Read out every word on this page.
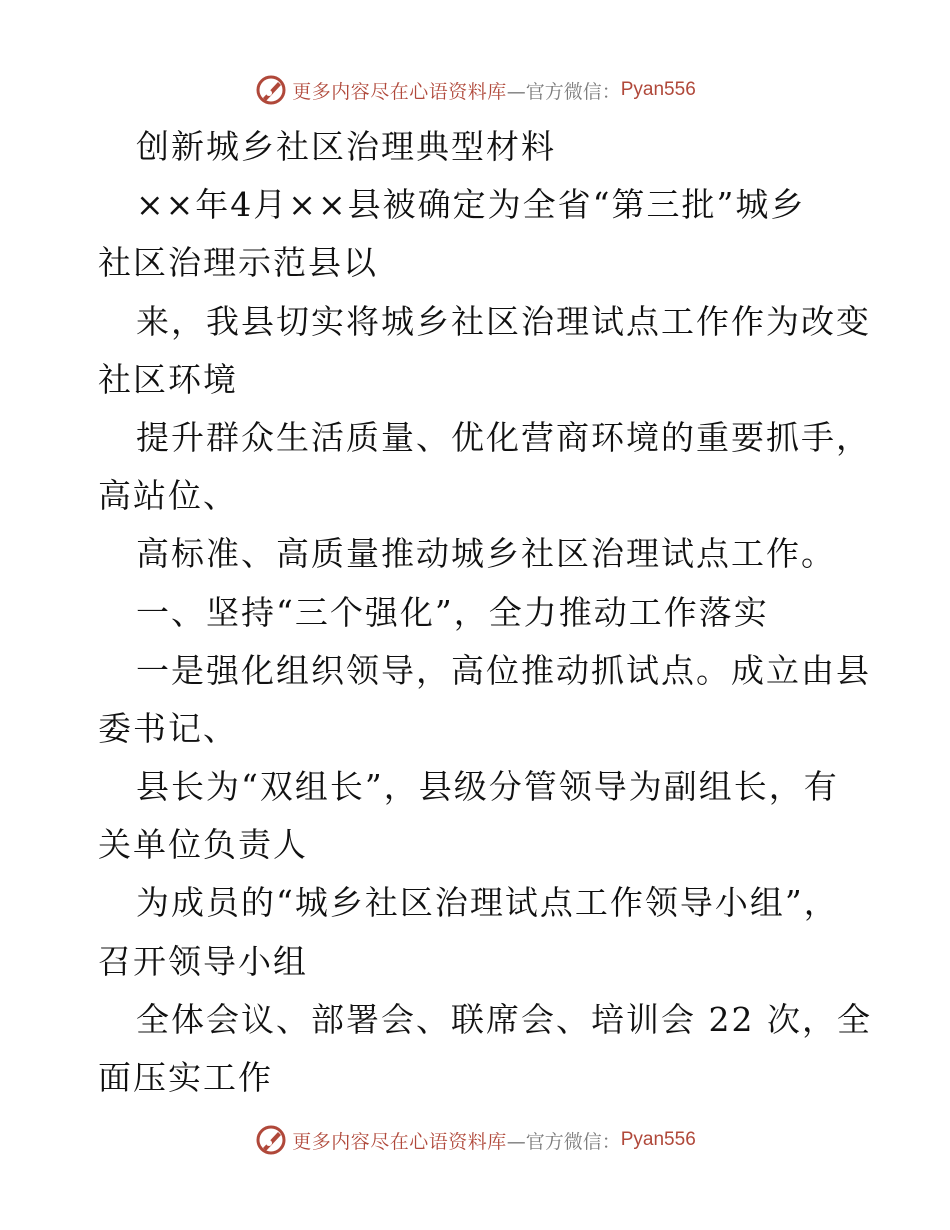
更多内容尽在心语资料库 —官方微信： Pyan556
创新城乡社区治理典型材料
××年4月××县被确定为全省“第三批”城乡
社区治理示范县以
来，我县切实将城乡社区治理试点工作作为改变
社区环境
提升群众生活质量、优化营商环境的重要抓手，
高站位、
高标准、高质量推动城乡社区治理试点工作。
一、坚持“三个强化”，全力推动工作落实
一是强化组织领导，高位推动抓试点。成立由县
委书记、
县长为“双组长”，县级分管领导为副组长，有
关单位负责人
为成员的“城乡社区治理试点工作领导小组”，
召开领导小组
全体会议、部署会、联席会、培训会 22 次，全
面压实工作
更多内容尽在心语资料库 —官方微信： Pyan556
